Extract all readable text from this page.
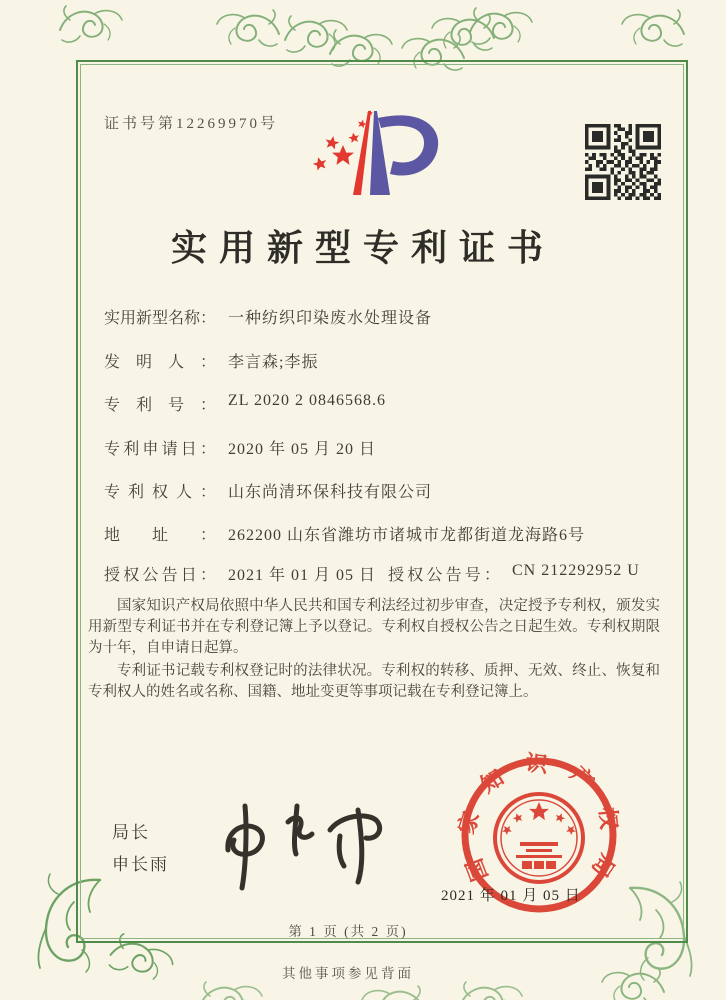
证书号第12269970号
实用新型专利证书
实用新型名称： 一种纺织印染废水处理设备
发明人： 李言森;李振
专利号： ZL 2020 2 0846568.6
专利申请日： 2020 年 05 月 20 日
专利权人： 山东尚清环保科技有限公司
地址： 262200 山东省潍坊市诸城市龙都街道龙海路6号
授权公告日： 2021 年 01 月 05 日 授权公告号： CN 212292952 U

国家知识产权局依照中华人民共和国专利法经过初步审查，决定授予专利权，颁发实用新型专利证书并在专利登记簿上予以登记。专利权自授权公告之日起生效。专利权期限为十年，自申请日起算。

专利证书记载专利权登记时的法律状况。专利权的转移、质押、无效、终止、恢复和专利权人的姓名或名称、国籍、地址变更等事项记载在专利登记簿上。

局长
申长雨	国家知识产权局
2021 年 01 月 05 日
第 1 页 (共 2 页)
其他事项参见背面
